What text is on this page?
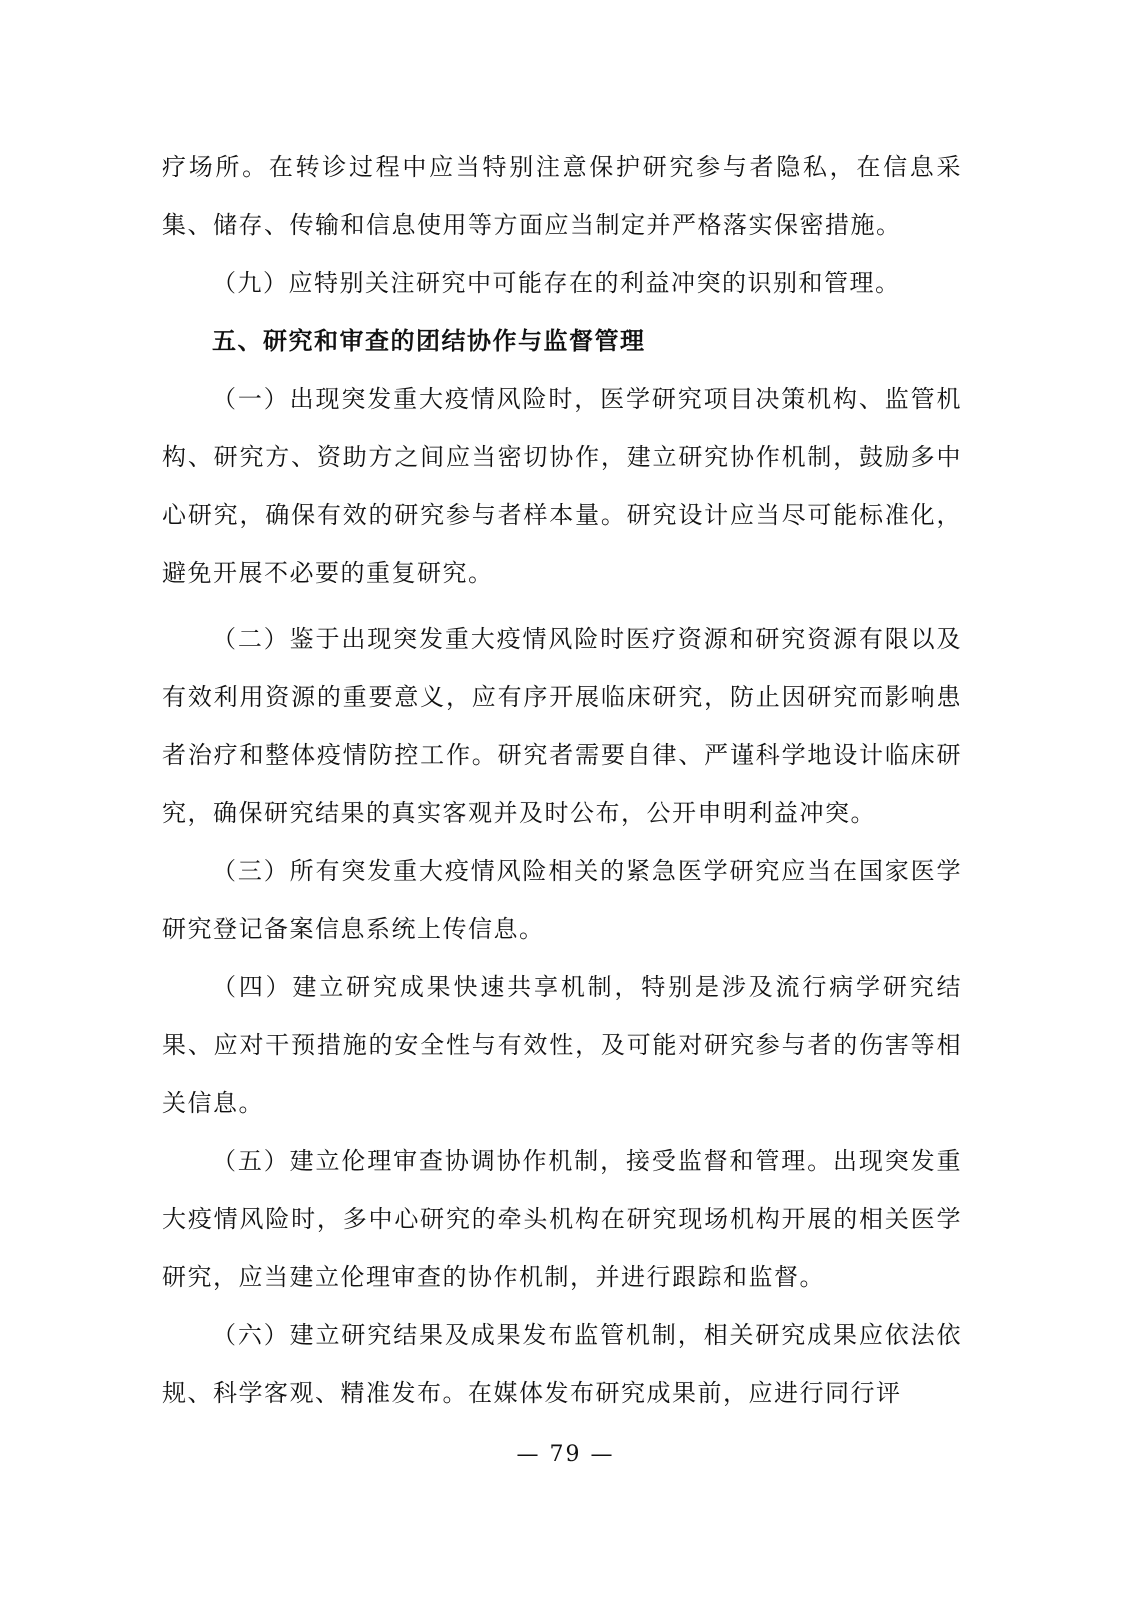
疗场所。在转诊过程中应当特别注意保护研究参与者隐私，在信息采集、储存、传输和信息使用等方面应当制定并严格落实保密措施。

（九）应特别关注研究中可能存在的利益冲突的识别和管理。

五、研究和审查的团结协作与监督管理

（一）出现突发重大疫情风险时，医学研究项目决策机构、监管机构、研究方、资助方之间应当密切协作，建立研究协作机制，鼓励多中心研究，确保有效的研究参与者样本量。研究设计应当尽可能标准化，避免开展不必要的重复研究。

（二）鉴于出现突发重大疫情风险时医疗资源和研究资源有限以及有效利用资源的重要意义，应有序开展临床研究，防止因研究而影响患者治疗和整体疫情防控工作。研究者需要自律、严谨科学地设计临床研究，确保研究结果的真实客观并及时公布，公开申明利益冲突。

（三）所有突发重大疫情风险相关的紧急医学研究应当在国家医学研究登记备案信息系统上传信息。

（四）建立研究成果快速共享机制，特别是涉及流行病学研究结果、应对干预措施的安全性与有效性，及可能对研究参与者的伤害等相关信息。

（五）建立伦理审查协调协作机制，接受监督和管理。出现突发重大疫情风险时，多中心研究的牵头机构在研究现场机构开展的相关医学研究，应当建立伦理审查的协作机制，并进行跟踪和监督。

（六）建立研究结果及成果发布监管机制，相关研究成果应依法依规、科学客观、精准发布。在媒体发布研究成果前，应进行同行评

— 79 —
